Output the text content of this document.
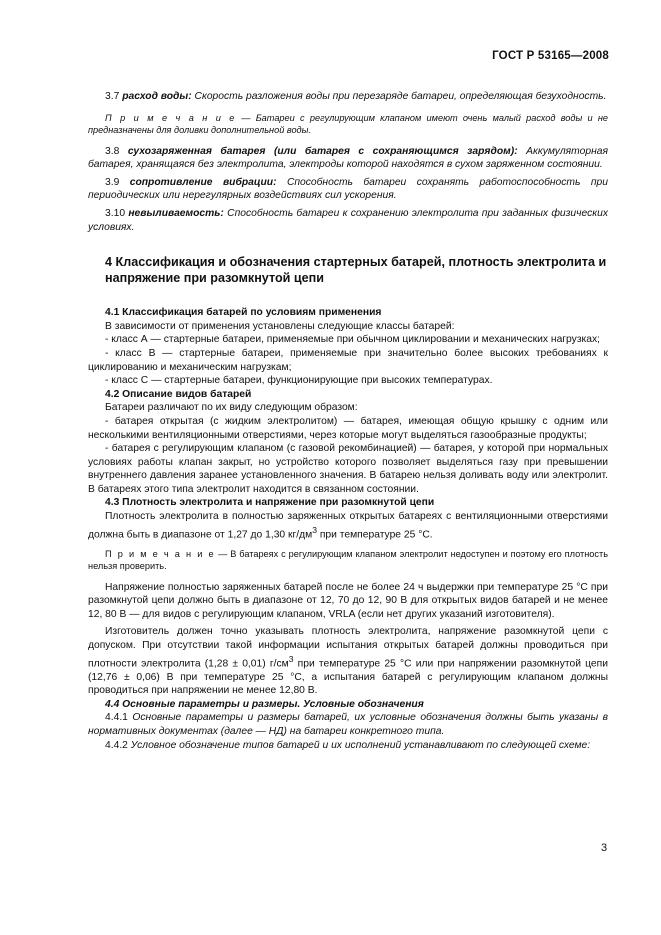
ГОСТ Р 53165—2008

3.7 расход воды: Скорость разложения воды при перезаряде батареи, определяющая безуходность.

П р и м е ч а н и е — Батареи с регулирующим клапаном имеют очень малый расход воды и не предназначены для доливки дополнительной воды.

3.8 сухозаряженная батарея (или батарея с сохраняющимся зарядом): Аккумуляторная батарея, хранящаяся без электролита, электроды которой находятся в сухом заряженном состоянии.

3.9 сопротивление вибрации: Способность батареи сохранять работоспособность при периодических или нерегулярных воздействиях сил ускорения.

3.10 невыливаемость: Способность батареи к сохранению электролита при заданных физических условиях.

4 Классификация и обозначения стартерных батарей, плотность электролита и напряжение при разомкнутой цепи

4.1 Классификация батарей по условиям применения

В зависимости от применения установлены следующие классы батарей:

- класс А — стартерные батареи, применяемые при обычном циклировании и механических нагрузках;

- класс В — стартерные батареи, применяемые при значительно более высоких требованиях к циклированию и механическим нагрузкам;

- класс С — стартерные батареи, функционирующие при высоких температурах.

4.2 Описание видов батарей

Батареи различают по их виду следующим образом:

- батарея открытая (с жидким электролитом) — батарея, имеющая общую крышку с одним или несколькими вентиляционными отверстиями, через которые могут выделяться газообразные продукты;

- батарея с регулирующим клапаном (с газовой рекомбинацией) — батарея, у которой при нормальных условиях работы клапан закрыт, но устройство которого позволяет выделяться газу при превышении внутреннего давления заранее установленного значения. В батарею нельзя доливать воду или электролит. В батареях этого типа электролит находится в связанном состоянии.

4.3 Плотность электролита и напряжение при разомкнутой цепи

Плотность электролита в полностью заряженных открытых батареях с вентиляционными отверстиями должна быть в диапазоне от 1,27 до 1,30 $кг/дм^3$ при температуре 25 °С.

П р и м е ч а н и е — В батареях с регулирующим клапаном электролит недоступен и поэтому его плотность нельзя проверить.

Напряжение полностью заряженных батарей после не более 24 ч выдержки при температуре 25 °С при разомкнутой цепи должно быть в диапазоне от 12, 70 до 12, 90 В для открытых видов батарей и не менее 12, 80 В — для видов с регулирующим клапаном, VRLA (если нет других указаний изготовителя).

Изготовитель должен точно указывать плотность электролита, напряжение разомкнутой цепи с допуском. При отсутствии такой информации испытания открытых батарей должны проводиться при плотности электролита (1,28 ± 0,01) $г/см^3$ при температуре 25 °С или при напряжении разомкнутой цепи (12,76 ± 0,06) В при температуре 25 °С, а испытания батарей с регулирующим клапаном должны проводиться при напряжении не менее 12,80 В.

4.4 Основные параметры и размеры. Условные обозначения

4.4.1 Основные параметры и размеры батарей, их условные обозначения должны быть указаны в нормативных документах (далее — НД) на батареи конкретного типа.

4.4.2 Условное обозначение типов батарей и их исполнений устанавливают по следующей схеме:

3
